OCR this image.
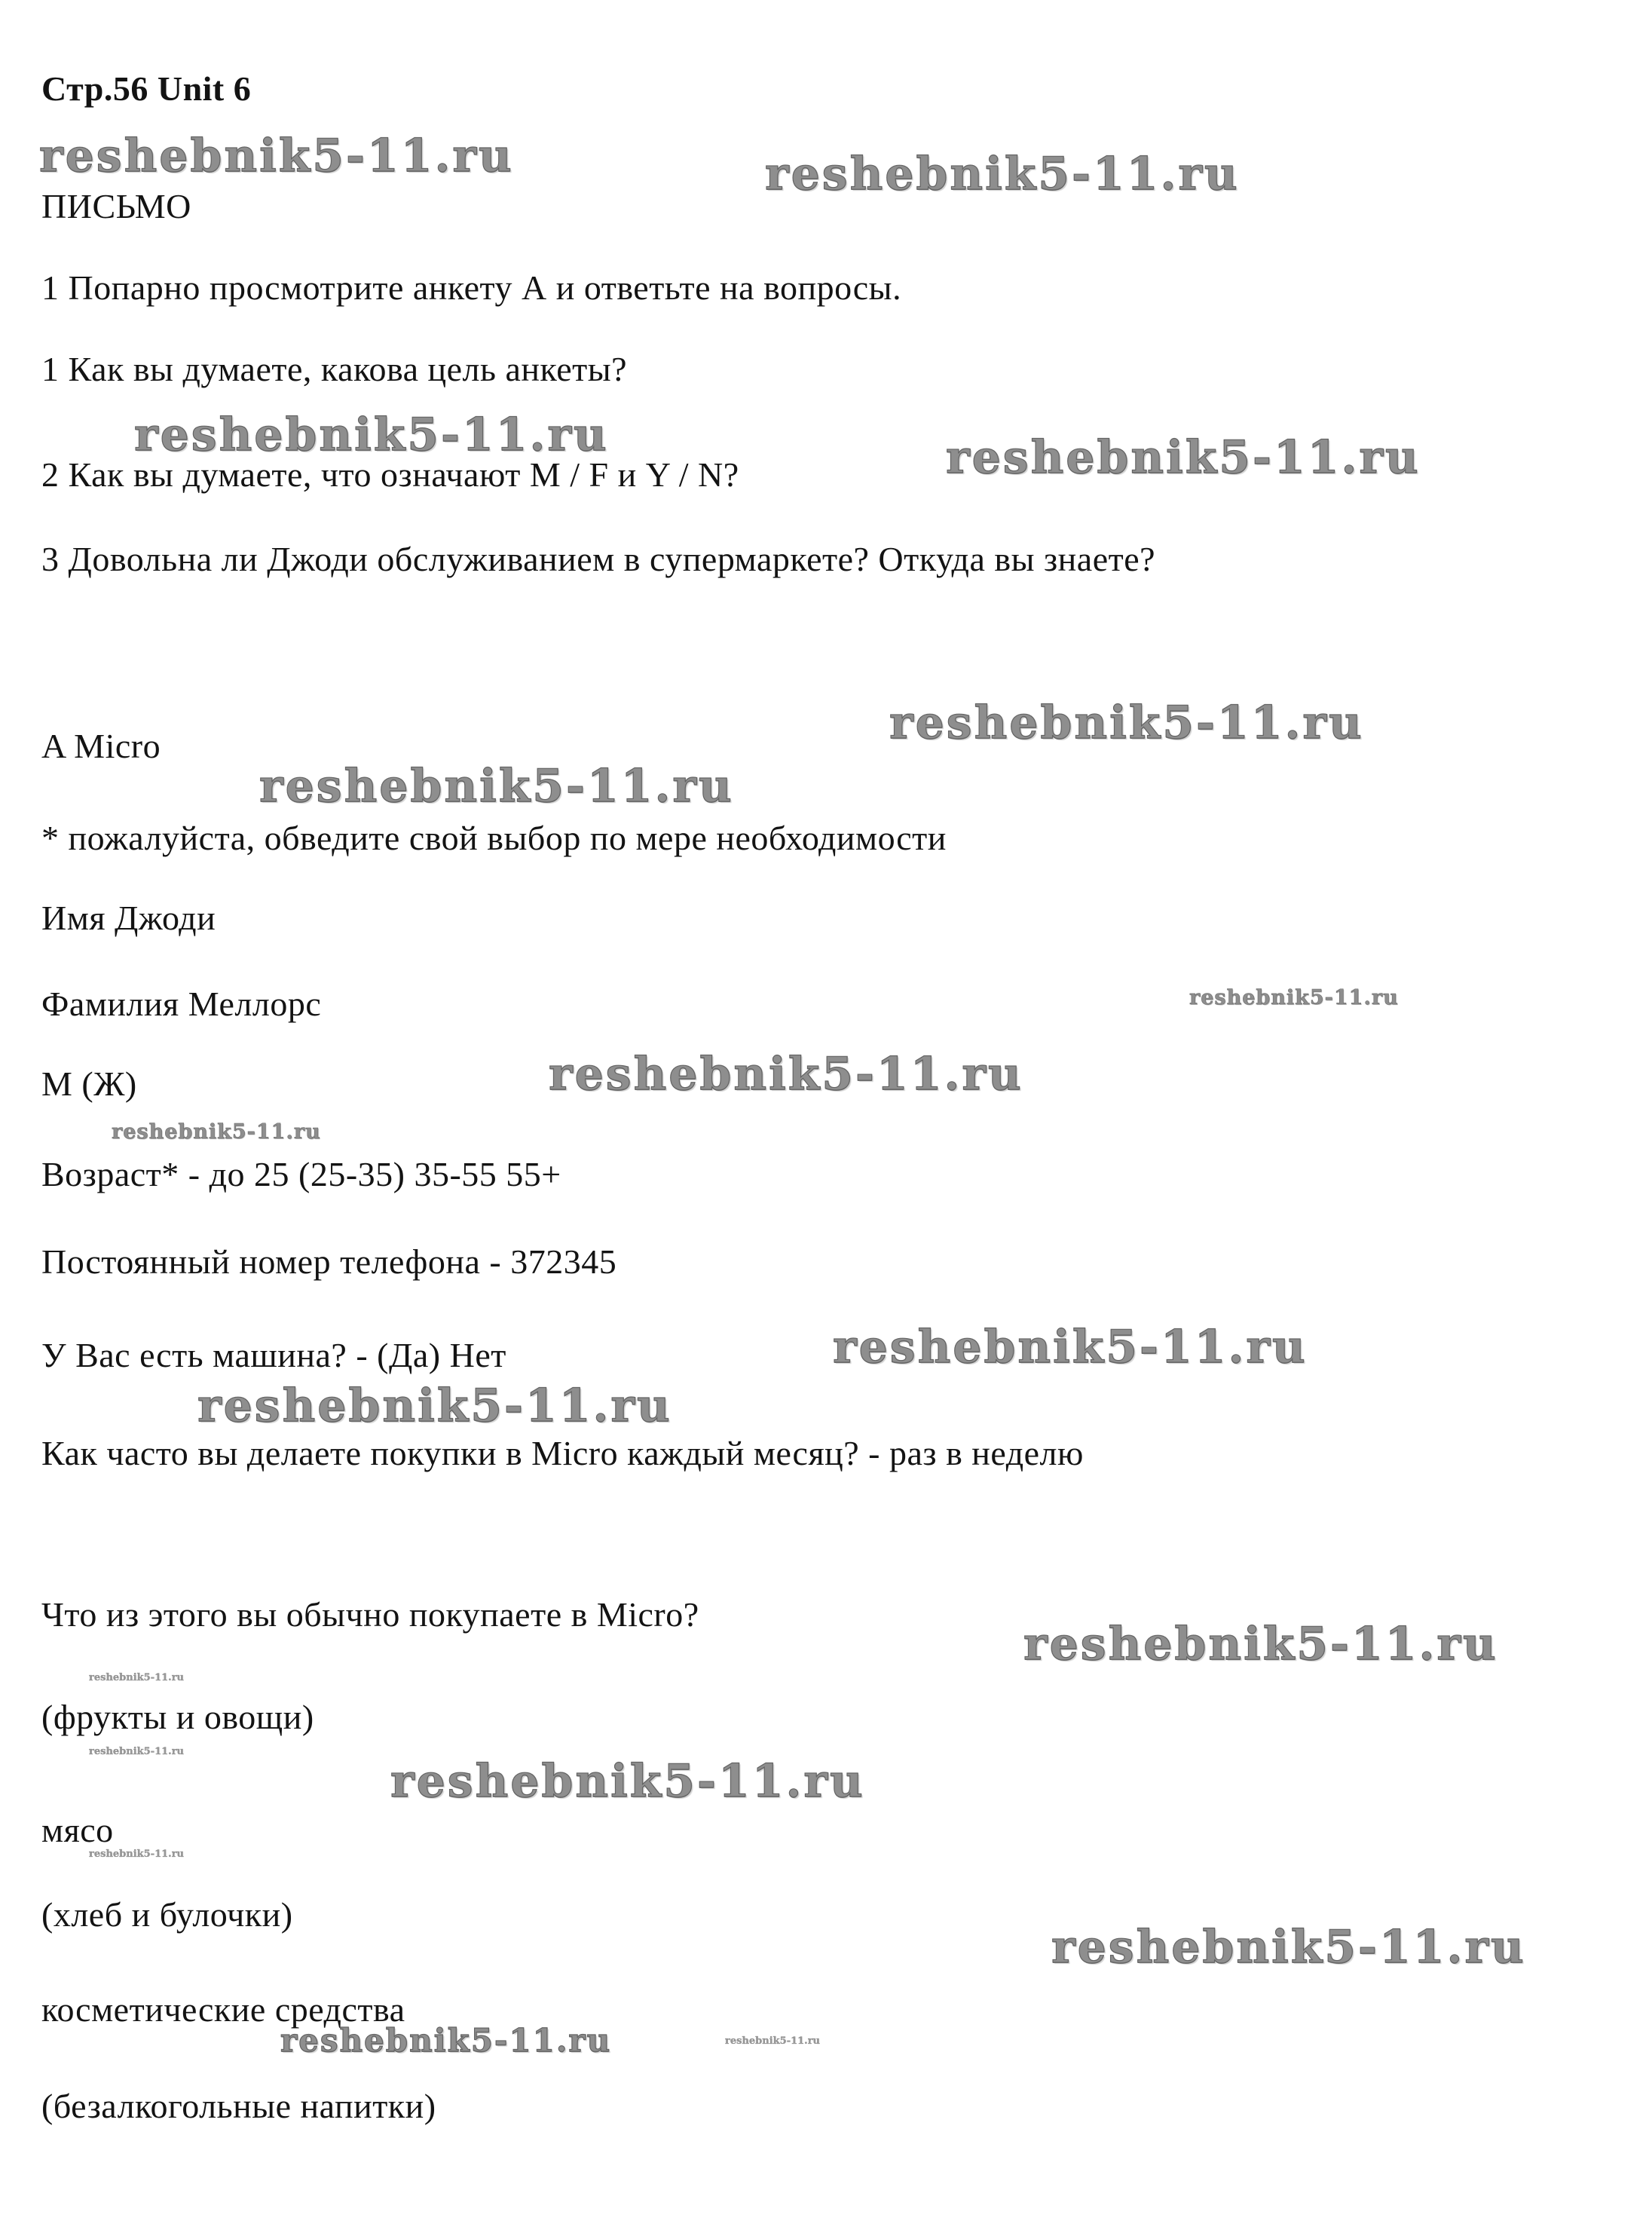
Стр.56 Unit 6
reshebnik5-11.ru	reshebnik5-11.ru
ПИСЬМО
1 Попарно просмотрите анкету А и ответьте на вопросы.
1 Как вы думаете, какова цель анкеты?
reshebnik5-11.ru
2 Как вы думаете, что означают M / F и Y / N?	reshebnik5-11.ru
3 Довольна ли Джоди обслуживанием в супермаркете? Откуда вы знаете?
A Micro	reshebnik5-11.ru
reshebnik5-11.ru
* пожалуйста, обведите свой выбор по мере необходимости
Имя Джоди
Фамилия Меллорс	reshebnik5-11.ru
М (Ж)	reshebnik5-11.ru
reshebnik5-11.ru
Возраст* - до 25 (25-35) 35-55 55+
Постоянный номер телефона - 372345
У Вас есть машина? - (Да) Нет	reshebnik5-11.ru
reshebnik5-11.ru
Как часто вы делаете покупки в Micro каждый месяц? - раз в неделю
Что из этого вы обычно покупаете в Micro?
reshebnik5-11.ru
reshebnik5-11.ru
(фрукты и овощи)
reshebnik5-11.ru
reshebnik5-11.ru
мясо
reshebnik5-11.ru
(хлеб и булочки)
reshebnik5-11.ru
косметические средства
reshebnik5-11.ru	reshebnik5-11.ru
(безалкогольные напитки)
